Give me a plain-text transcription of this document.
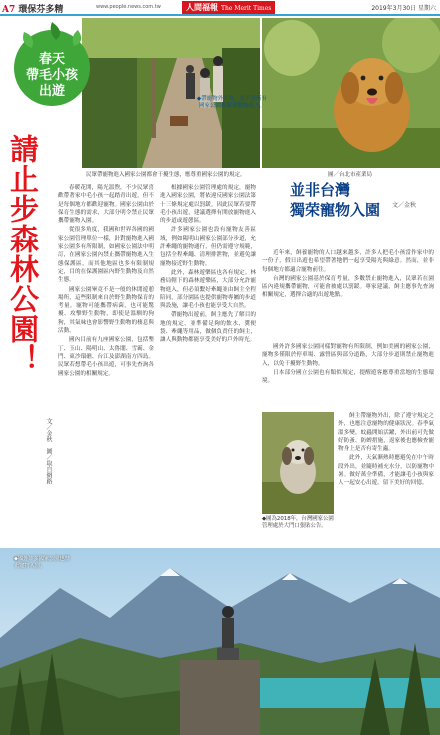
A7 環保芬多精	www.people.news.com.tw	人間福報 The Merit Times	2019年3月30日 星期六
◆帶寵物外出時，並不是所有國家公園都歡迎動物進入。
民眾帶寵物進入國家公園都會干擾生態，應尊重國家公園的規定。	圖／台北市產業局
春天
帶毛小孩
出遊
請止步森林公園！
文／金秋　圖／取自網路

春暖花開，陽光溫煦，不少民眾喜歡帶著家中毛小孩一起踏青出遊，但不是每個地方都歡迎寵物。國家公園由於保育生態的需求，大部分明令禁止民眾攜帶寵物入園。

從很多角度，我國和世界各國的國家公園管理單位一樣，針對寵物進入國家公園多有所限制，如國家公園法中明訂，在國家公園內禁止攜帶寵物進入生態保護區，而其他地區也多有限制規定，目的在保護園區內野生動物及自然生態。

國家公園畢竟不是一般的休閒遊憩場所，這些限制來自於野生動物保育的考量。寵物可能攜帶病菌，也可能驚擾、攻擊野生動物，即使是溫馴的狗狗，其氣味也會影響野生動物的棲息與活動。

國內目前有九座國家公園，包括墾丁、玉山、陽明山、太魯閣、雪霸、金門、東沙環礁、台江及澎湖南方四島。民眾若想帶毛小孩出遊，可事先查詢各國家公園的相關規定。

根據國家公園管理處的規定，寵物進入國家公園，將依違反國家公園法第十三條規定處以罰鍰。因此民眾若要帶毛小孩出遊，建議選擇有開放寵物進入的步道或遊憩區。

許多國家公園也設有寵物友善區域，例如陽明山國家公園部分步道，允許牽繩的寵物通行，但仍需遵守規範，包括全程牽繩、清理排泄物，並避免讓寵物接近野生動物。

此外，森林遊樂區也各有規定。林務局轄下的森林遊樂區，大部分允許寵物進入，但必須繫好牽繩並由飼主全程陪同，部分園區也提供寵物專屬的步道與設施，讓毛小孩也能享受大自然。

帶寵物出遊前，飼主應先了解目的地的規定，並準備足夠的飲水、糞便袋、牽繩等用品，做個負責任的飼主，讓人與動物都能享受美好的戶外時光。

並非台灣
獨荣寵物入園	文／金秋

近年來，飼養寵物的人口越來越多，許多人把毛小孩當作家中的一份子，假日出遊也希望帶著牠們一起享受陽光與綠意。然而，並非每個地方都適合寵物前往。

台灣的國家公園基於保育考量，多數禁止寵物進入，民眾若在園區內違規攜帶寵物，可能會被處以罰鍰。專家建議，飼主應事先查詢相關規定，選擇合適的出遊地點。

國外許多國家公園同樣對寵物有所限制，例如美國的國家公園，寵物多僅限於停車場、露營區與部分道路，大部分步道則禁止寵物進入，以免干擾野生動物。

日本部分國立公園也有類似規定，提醒遊客應尊重當地的生態環境。

◆圖為2018年，台灣國家公園管理處於大門口張貼公告。

飼主帶寵物外出，除了遵守規定之外，也應注意寵物的健康狀況。春季氣溫多變，蚊蟲開始活躍，外出前可先做好防蚤、防蜱措施，返家後也應檢查寵物身上是否有寄生蟲。

此外，天氣漸熱時應避免在中午時段外出，並隨時補充水分，以防寵物中暑。做好萬全準備，才能讓毛小孩與家人一起安心出遊，留下美好的回憶。

◆國外許多國家公園也禁止寵物入園。
